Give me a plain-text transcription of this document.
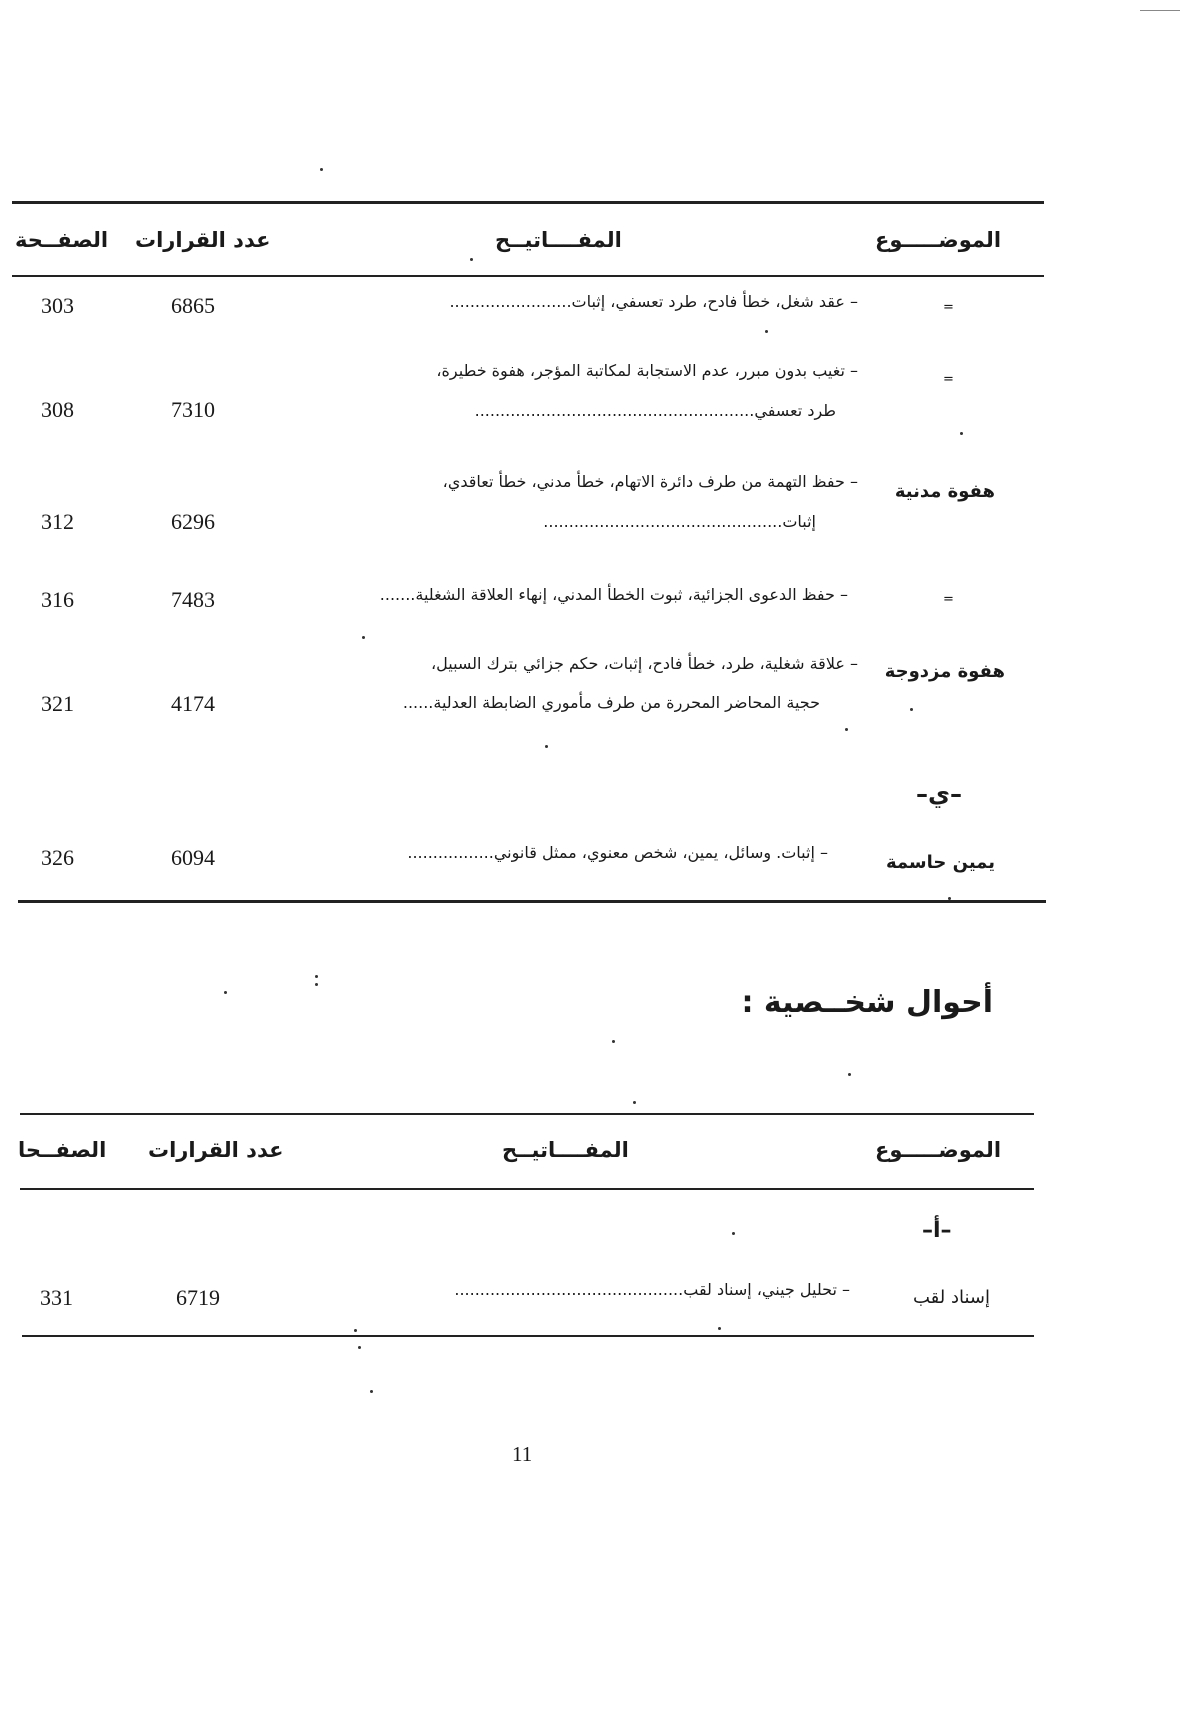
الموضـــــوع
المفــــاتيــح
عدد القرارات
الصفــحة
=
– عقد شغل، خطأ فادح، طرد تعسفي، إثبات........................
6865
303
=
– تغيب بدون مبرر، عدم الاستجابة لمكاتبة المؤجر، هفوة خطيرة،
طرد تعسفي.......................................................
7310
308
هفوة مدنية
– حفظ التهمة من طرف دائرة الاتهام، خطأ مدني، خطأ تعاقدي،
إثبات...............................................
6296
312
=
– حفظ الدعوى الجزائية، ثبوت الخطأ المدني، إنهاء العلاقة الشغلية.......
7483
316
هفوة مزدوجة
– علاقة شغلية، طرد، خطأ فادح، إثبات، حكم جزائي بترك السبيل،
حجية المحاضر المحررة من طرف مأموري الضابطة العدلية......
4174
321
–ي–
يمين حاسمة
– إثبات. وسائل، يمين، شخص معنوي، ممثل قانوني.................
6094
326
أحوال شخــصية :
الموضـــــوع
المفــــاتيــح
عدد القرارات
الصفــحا
–أ–
إسناد لقب
– تحليل جيني، إسناد لقب.............................................
6719
331
11
